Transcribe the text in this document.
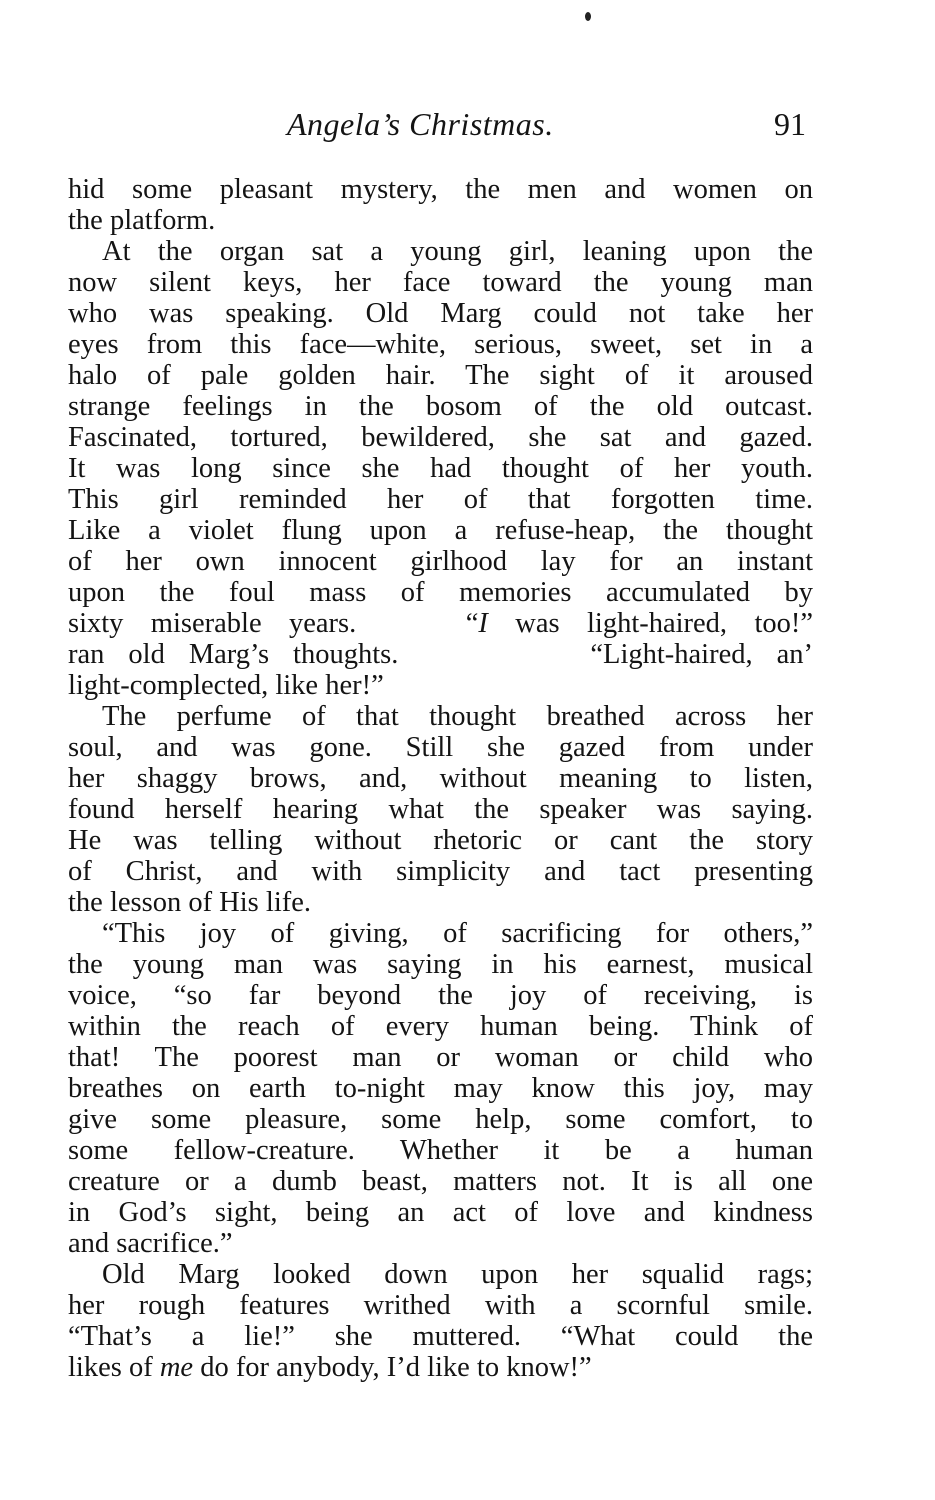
Angela’s Christmas.	91
hid some pleasant mystery, the men and women on
the platform.
At the organ sat a young girl, leaning upon the
now silent keys, her face toward the young man
who was speaking. Old Marg could not take her
eyes from this face—white, serious, sweet, set in a
halo of pale golden hair. The sight of it aroused
strange feelings in the bosom of the old outcast.
Fascinated, tortured, bewildered, she sat and gazed.
It was long since she had thought of her youth.
This girl reminded her of that forgotten time.
Like a violet flung upon a refuse-heap, the thought
of her own innocent girlhood lay for an instant
upon the foul mass of memories accumulated by
sixty miserable years.	“I was light-haired, too!”
ran old Marg’s thoughts.	“Light-haired, an’
light-complected, like her!”
The perfume of that thought breathed across her
soul, and was gone. Still she gazed from under
her shaggy brows, and, without meaning to listen,
found herself hearing what the speaker was saying.
He was telling without rhetoric or cant the story
of Christ, and with simplicity and tact presenting
the lesson of His life.
“This joy of giving, of sacrificing for others,”
the young man was saying in his earnest, musical
voice, “so far beyond the joy of receiving, is
within the reach of every human being. Think of
that! The poorest man or woman or child who
breathes on earth to-night may know this joy, may
give some pleasure, some help, some comfort, to
some fellow-creature. Whether it be a human
creature or a dumb beast, matters not. It is all one
in God’s sight, being an act of love and kindness
and sacrifice.”
Old Marg looked down upon her squalid rags;
her rough features writhed with a scornful smile.
“That’s a lie!” she muttered. “What could the
likes of me do for anybody, I’d like to know!”
